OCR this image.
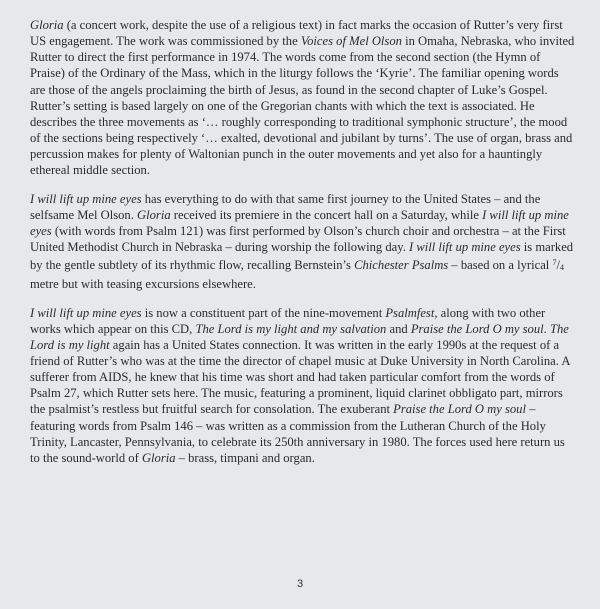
Gloria (a concert work, despite the use of a religious text) in fact marks the occasion of Rutter’s very first US engagement. The work was commissioned by the Voices of Mel Olson in Omaha, Nebraska, who invited Rutter to direct the first performance in 1974. The words come from the second section (the Hymn of Praise) of the Ordinary of the Mass, which in the liturgy follows the ‘Kyrie’. The familiar opening words are those of the angels proclaiming the birth of Jesus, as found in the second chapter of Luke’s Gospel. Rutter’s setting is based largely on one of the Gregorian chants with which the text is associated. He describes the three movements as ‘… roughly corresponding to traditional symphonic structure’, the mood of the sections being respectively ‘… exalted, devotional and jubilant by turns’. The use of organ, brass and percussion makes for plenty of Waltonian punch in the outer movements and yet also for a hauntingly ethereal middle section.

I will lift up mine eyes has everything to do with that same first journey to the United States – and the selfsame Mel Olson. Gloria received its premiere in the concert hall on a Saturday, while I will lift up mine eyes (with words from Psalm 121) was first performed by Olson’s church choir and orchestra – at the First United Methodist Church in Nebraska – during worship the following day. I will lift up mine eyes is marked by the gentle subtlety of its rhythmic flow, recalling Bernstein’s Chichester Psalms – based on a lyrical $^7/_4$ metre but with teasing excursions elsewhere.

I will lift up mine eyes is now a constituent part of the nine-movement Psalmfest, along with two other works which appear on this CD, The Lord is my light and my salvation and Praise the Lord O my soul. The Lord is my light again has a United States connection. It was written in the early 1990s at the request of a friend of Rutter’s who was at the time the director of chapel music at Duke University in North Carolina. A sufferer from AIDS, he knew that his time was short and had taken particular comfort from the words of Psalm 27, which Rutter sets here. The music, featuring a prominent, liquid clarinet obbligato part, mirrors the psalmist’s restless but fruitful search for consolation. The exuberant Praise the Lord O my soul – featuring words from Psalm 146 – was written as a commission from the Lutheran Church of the Holy Trinity, Lancaster, Pennsylvania, to celebrate its 250th anniversary in 1980. The forces used here return us to the sound-world of Gloria – brass, timpani and organ.

3
